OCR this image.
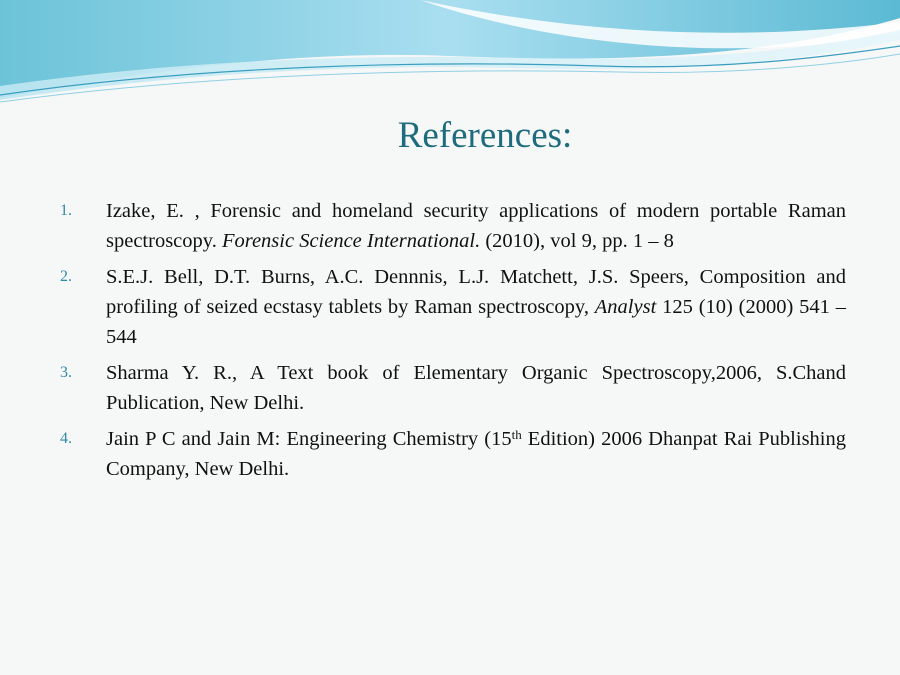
References:
1. Izake, E. , Forensic and homeland security applications of modern portable Raman spectroscopy. Forensic Science International. (2010), vol 9, pp. 1 – 8
2. S.E.J. Bell, D.T. Burns, A.C. Dennnis, L.J. Matchett, J.S. Speers, Composition and profiling of seized ecstasy tablets by Raman spectroscopy, Analyst 125 (10) (2000) 541 – 544
3. Sharma Y. R., A Text book of Elementary Organic Spectroscopy,2006, S.Chand Publication, New Delhi.
4. Jain P C and Jain M: Engineering Chemistry (15th Edition) 2006 Dhanpat Rai Publishing Company, New Delhi.
